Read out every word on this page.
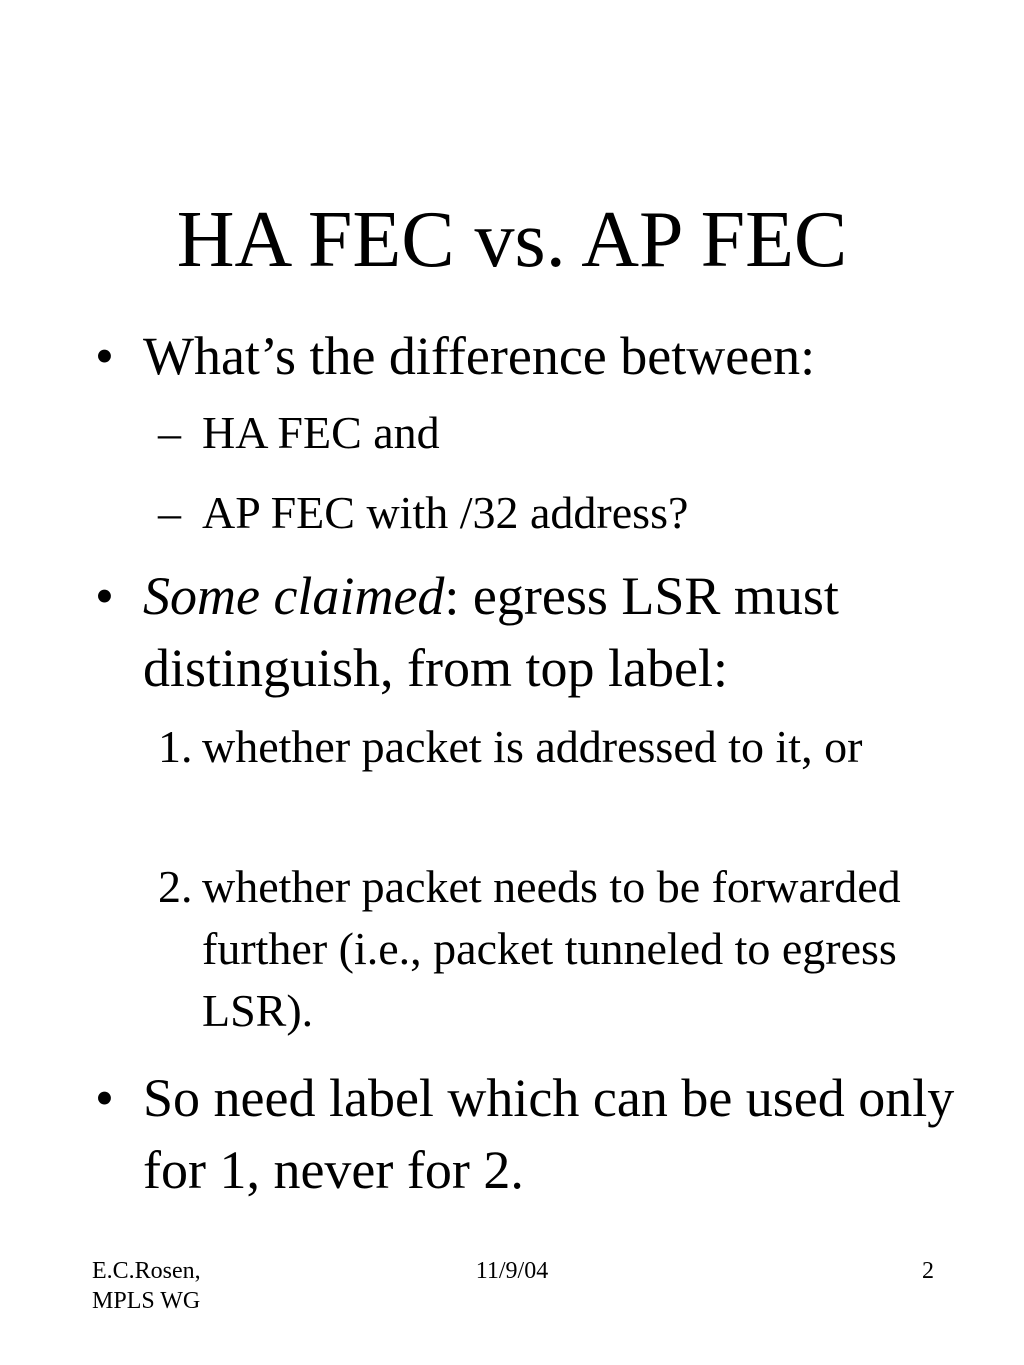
HA FEC vs. AP FEC
• What’s the difference between:
– HA FEC and
– AP FEC with /32 address?
• Some claimed: egress LSR must distinguish, from top label:
1. whether packet is addressed to it, or
2. whether packet needs to be forwarded further (i.e., packet tunneled to egress LSR).
• So need label which can be used only for 1, never for 2.
E.C.Rosen,
MPLS WG
11/9/04	2
